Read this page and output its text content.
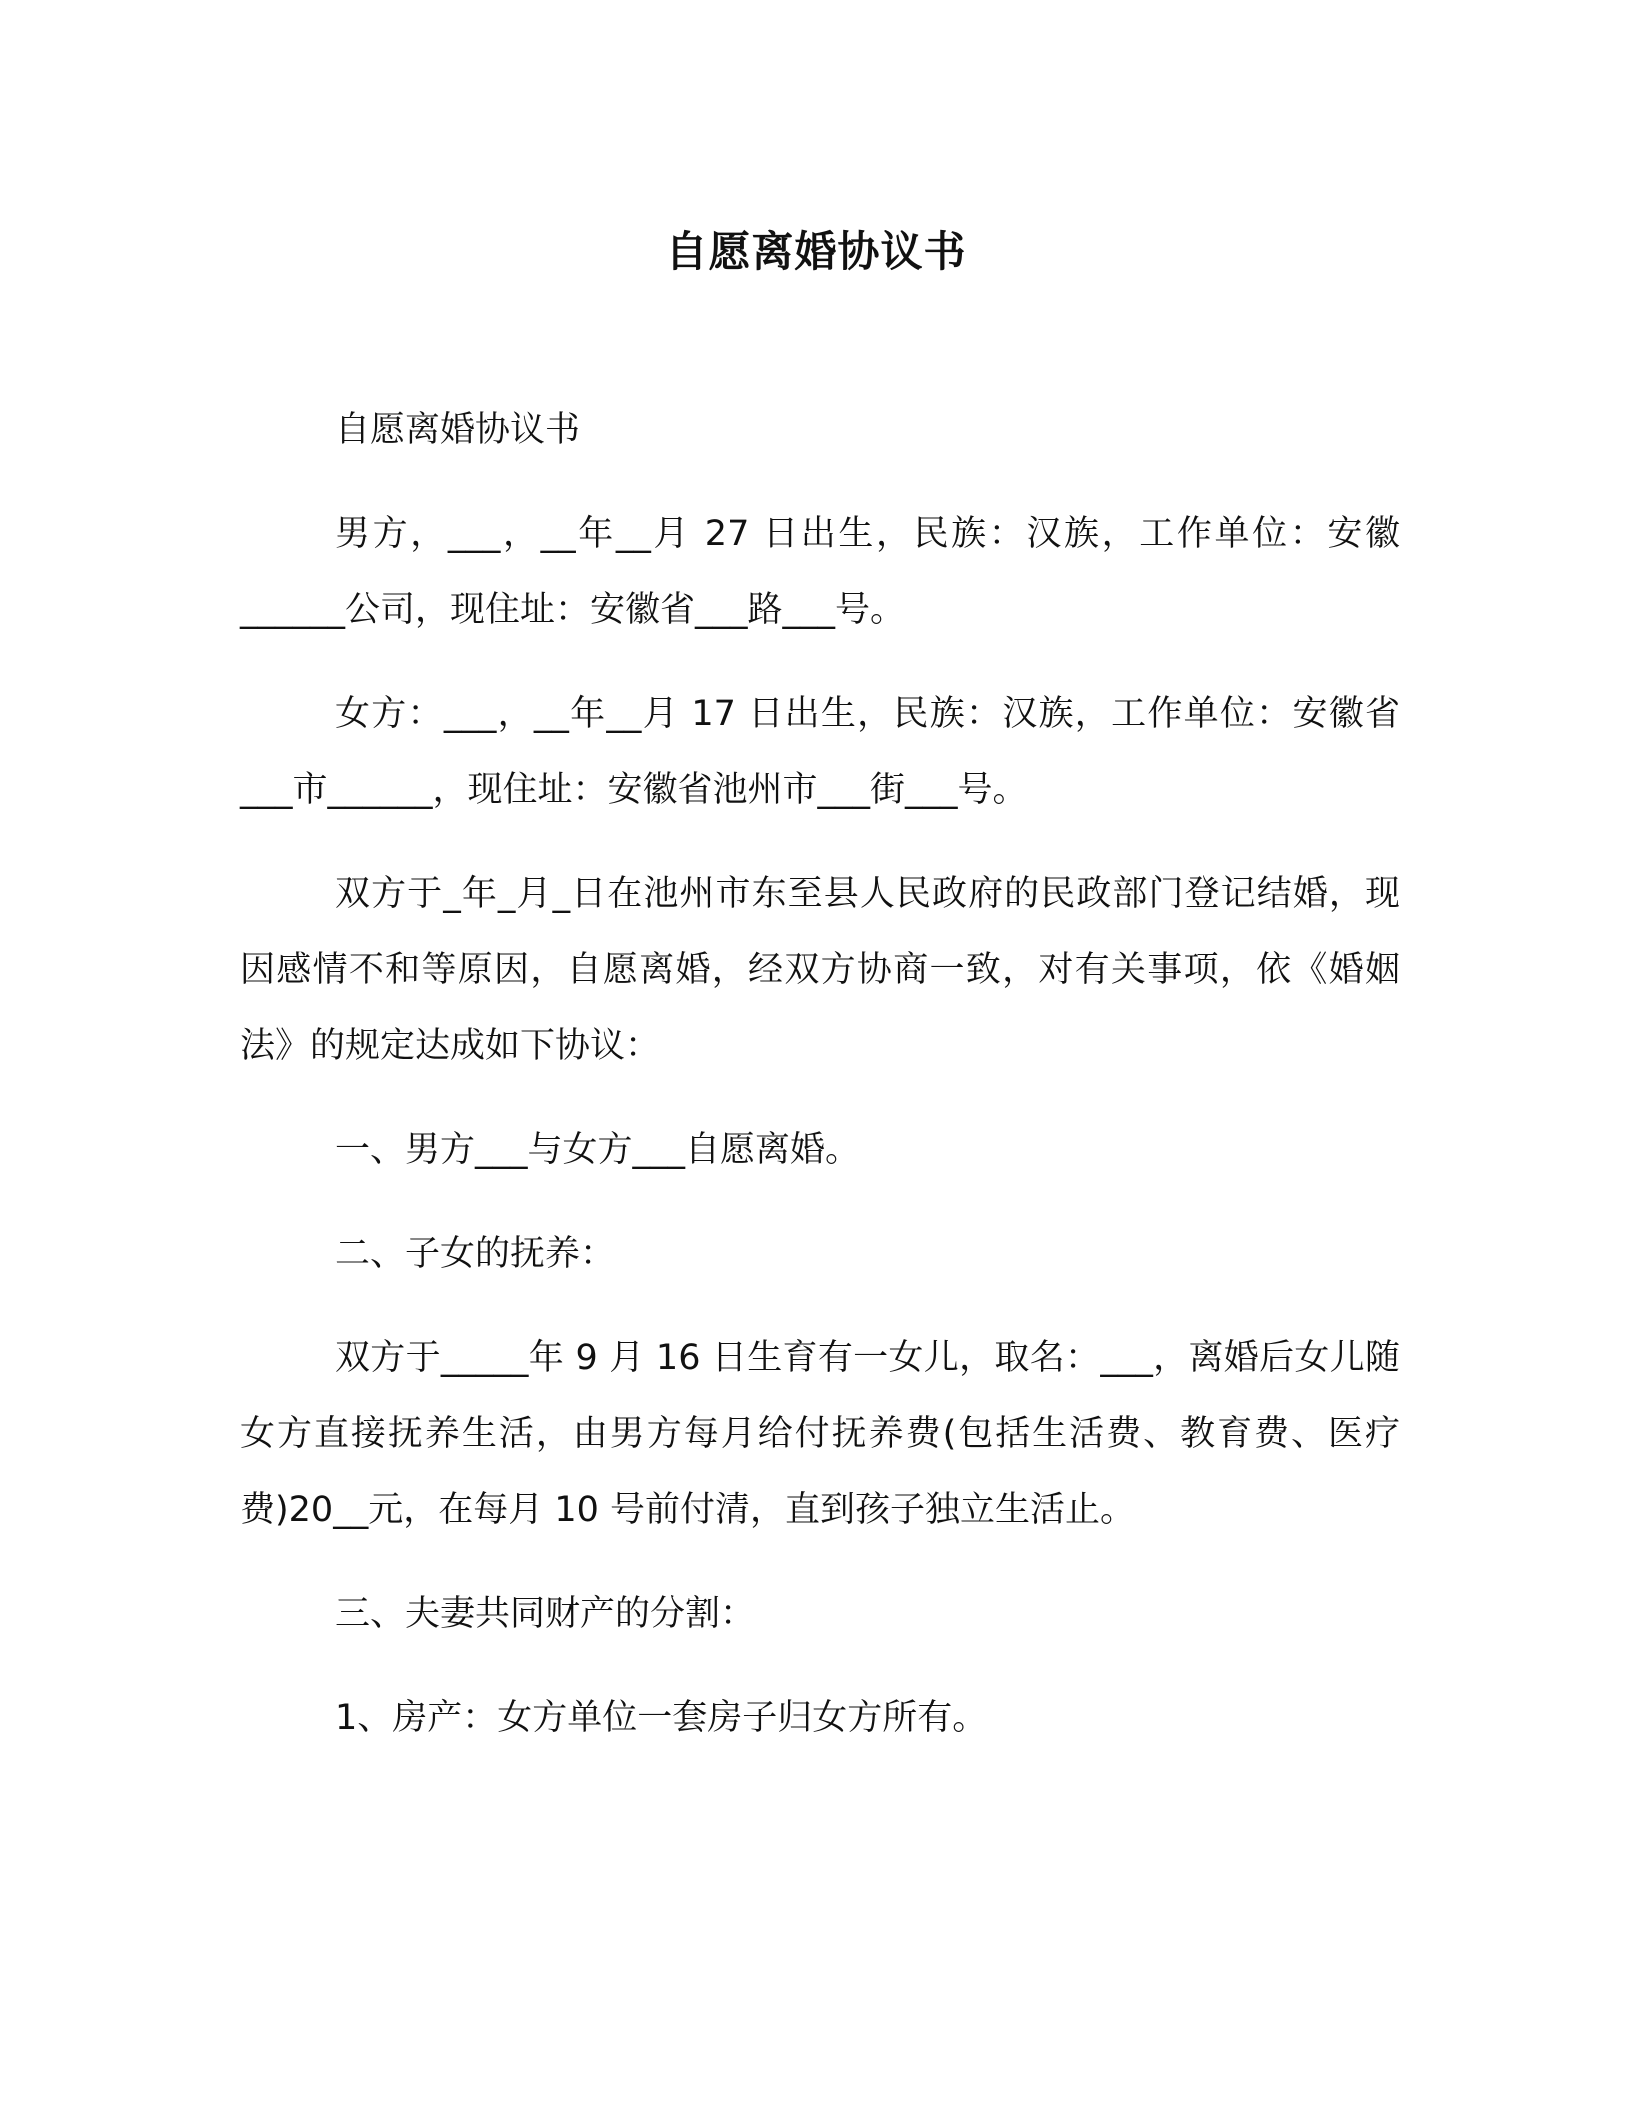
自愿离婚协议书

自愿离婚协议书

男方，___，__年__月 27 日出生，民族：汉族，工作单位：安徽______公司，现住址：安徽省___路___号。

女方：___，__年__月 17 日出生，民族：汉族，工作单位：安徽省___市______，现住址：安徽省池州市___街___号。

双方于_年_月_日在池州市东至县人民政府的民政部门登记结婚，现因感情不和等原因，自愿离婚，经双方协商一致，对有关事项，依《婚姻法》的规定达成如下协议：

一、男方___与女方___自愿离婚。

二、子女的抚养：

双方于_____年 9 月 16 日生育有一女儿，取名：___，离婚后女儿随女方直接抚养生活，由男方每月给付抚养费(包括生活费、教育费、医疗费)20__元，在每月 10 号前付清，直到孩子独立生活止。

三、夫妻共同财产的分割：

1、房产：女方单位一套房子归女方所有。
